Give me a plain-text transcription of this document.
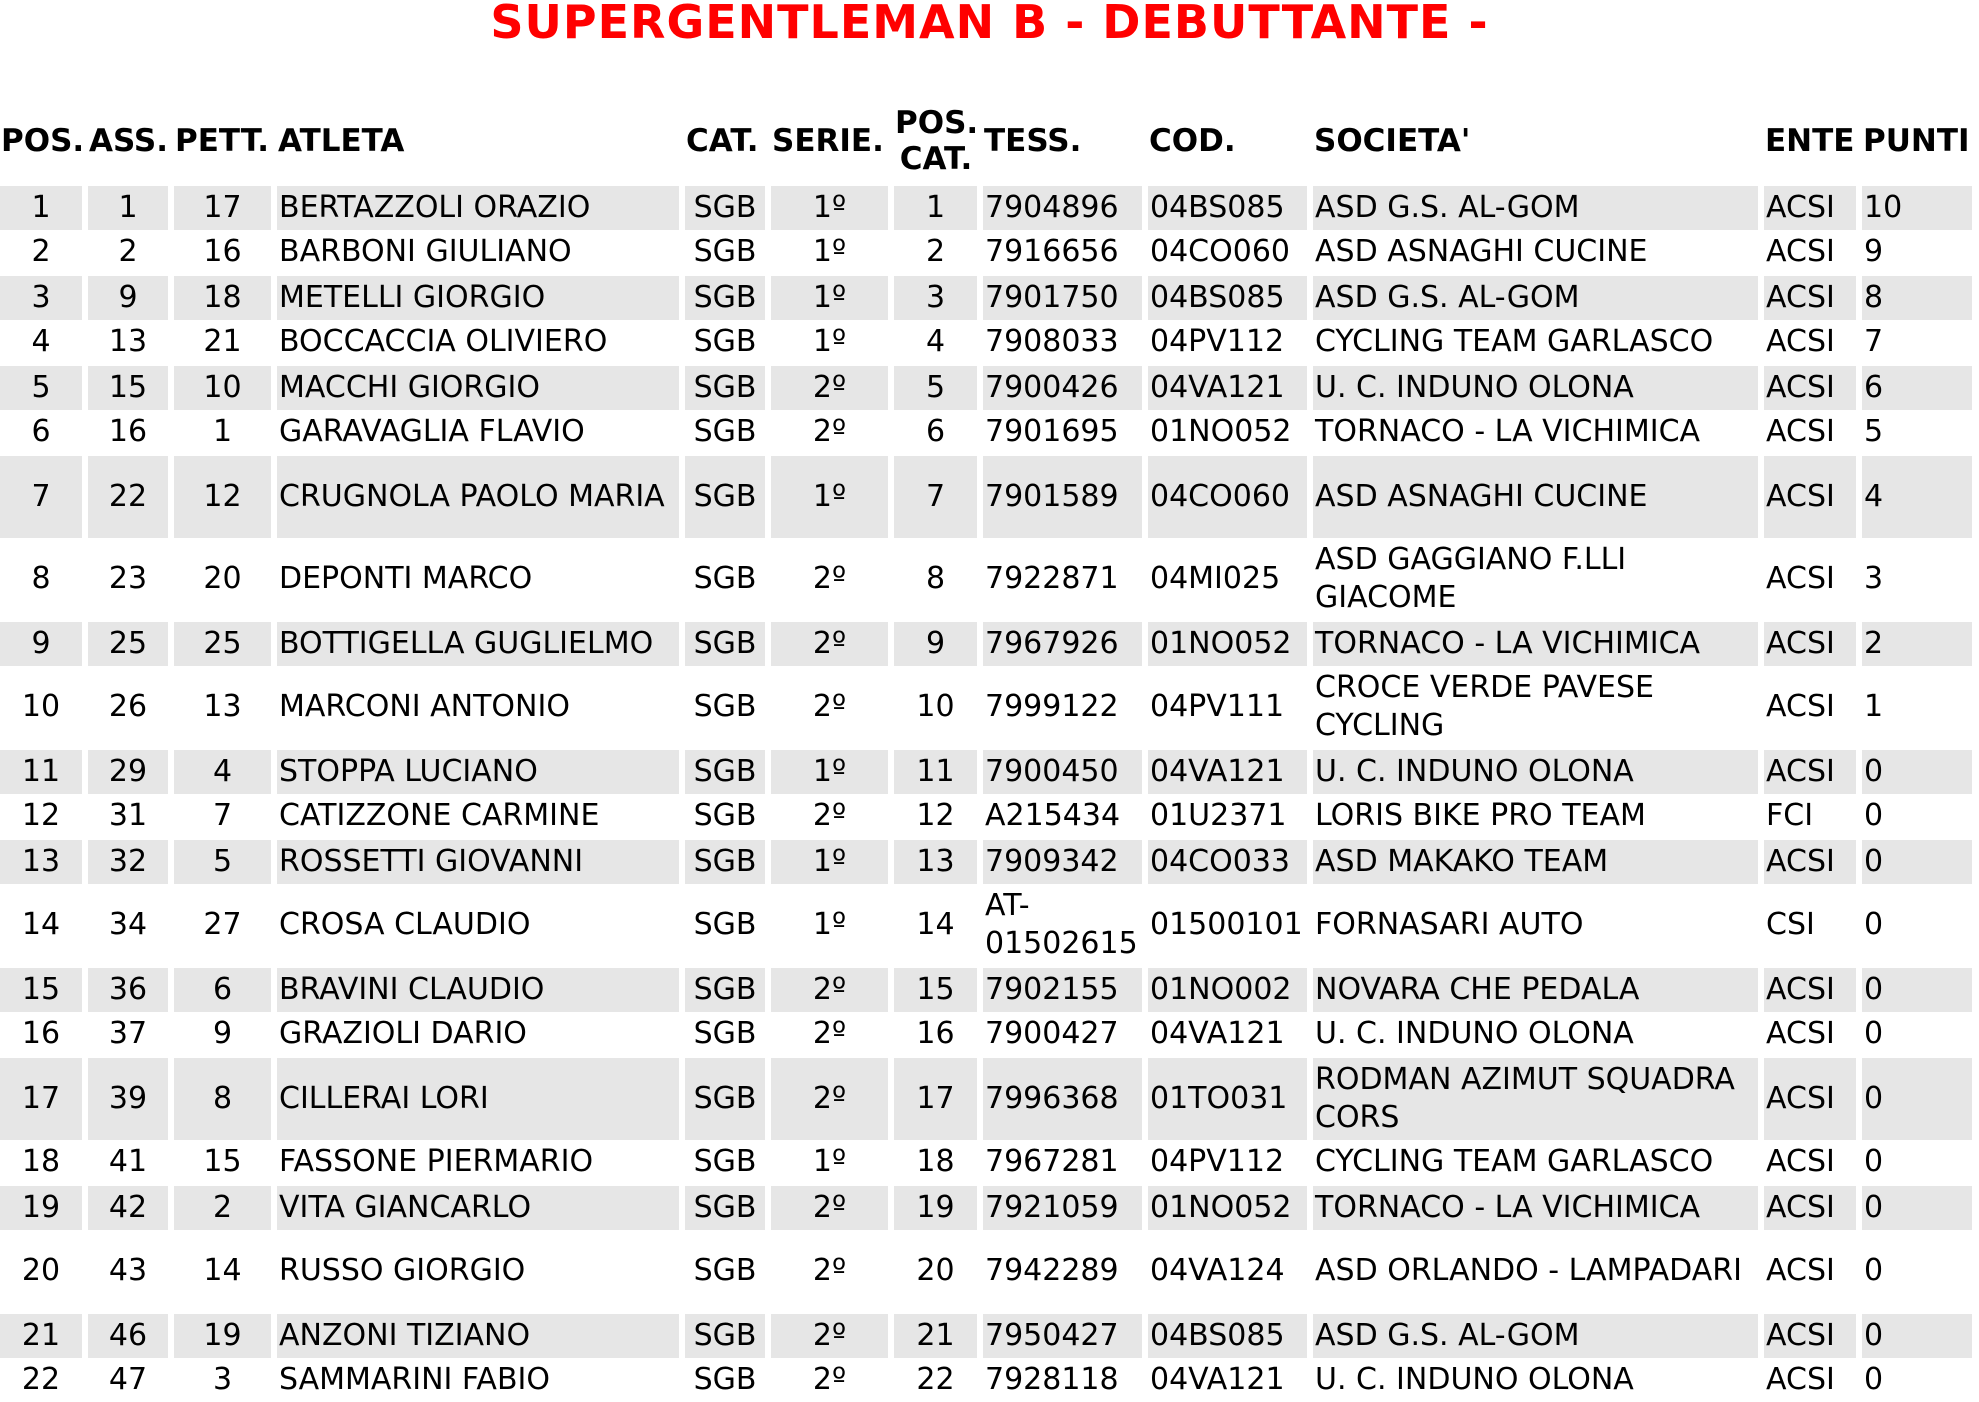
SUPERGENTLEMAN B - DEBUTTANTE -
POS.	ASS.	PETT.	ATLETA	CAT.	SERIE.	POS. CAT.	TESS.	COD.	SOCIETA'	ENTE	PUNTI
1	1	17	BERTAZZOLI ORAZIO	SGB	1º	1	7904896	04BS085	ASD G.S. AL-GOM	ACSI	10
2	2	16	BARBONI GIULIANO	SGB	1º	2	7916656	04CO060	ASD ASNAGHI CUCINE	ACSI	9
3	9	18	METELLI GIORGIO	SGB	1º	3	7901750	04BS085	ASD G.S. AL-GOM	ACSI	8
4	13	21	BOCCACCIA OLIVIERO	SGB	1º	4	7908033	04PV112	CYCLING TEAM GARLASCO	ACSI	7
5	15	10	MACCHI GIORGIO	SGB	2º	5	7900426	04VA121	U. C. INDUNO OLONA	ACSI	6
6	16	1	GARAVAGLIA FLAVIO	SGB	2º	6	7901695	01NO052	TORNACO - LA VICHIMICA	ACSI	5
7	22	12	CRUGNOLA PAOLO MARIA	SGB	1º	7	7901589	04CO060	ASD ASNAGHI CUCINE	ACSI	4
8	23	20	DEPONTI MARCO	SGB	2º	8	7922871	04MI025	ASD GAGGIANO F.LLI GIACOME	ACSI	3
9	25	25	BOTTIGELLA GUGLIELMO	SGB	2º	9	7967926	01NO052	TORNACO - LA VICHIMICA	ACSI	2
10	26	13	MARCONI ANTONIO	SGB	2º	10	7999122	04PV111	CROCE VERDE PAVESE CYCLING	ACSI	1
11	29	4	STOPPA LUCIANO	SGB	1º	11	7900450	04VA121	U. C. INDUNO OLONA	ACSI	0
12	31	7	CATIZZONE CARMINE	SGB	2º	12	A215434	01U2371	LORIS BIKE PRO TEAM	FCI	0
13	32	5	ROSSETTI GIOVANNI	SGB	1º	13	7909342	04CO033	ASD MAKAKO TEAM	ACSI	0
14	34	27	CROSA CLAUDIO	SGB	1º	14	AT-01502615	01500101	FORNASARI AUTO	CSI	0
15	36	6	BRAVINI CLAUDIO	SGB	2º	15	7902155	01NO002	NOVARA CHE PEDALA	ACSI	0
16	37	9	GRAZIOLI DARIO	SGB	2º	16	7900427	04VA121	U. C. INDUNO OLONA	ACSI	0
17	39	8	CILLERAI LORI	SGB	2º	17	7996368	01TO031	RODMAN AZIMUT SQUADRA CORS	ACSI	0
18	41	15	FASSONE PIERMARIO	SGB	1º	18	7967281	04PV112	CYCLING TEAM GARLASCO	ACSI	0
19	42	2	VITA GIANCARLO	SGB	2º	19	7921059	01NO052	TORNACO - LA VICHIMICA	ACSI	0
20	43	14	RUSSO GIORGIO	SGB	2º	20	7942289	04VA124	ASD ORLANDO - LAMPADARI	ACSI	0
21	46	19	ANZONI TIZIANO	SGB	2º	21	7950427	04BS085	ASD G.S. AL-GOM	ACSI	0
22	47	3	SAMMARINI FABIO	SGB	2º	22	7928118	04VA121	U. C. INDUNO OLONA	ACSI	0
